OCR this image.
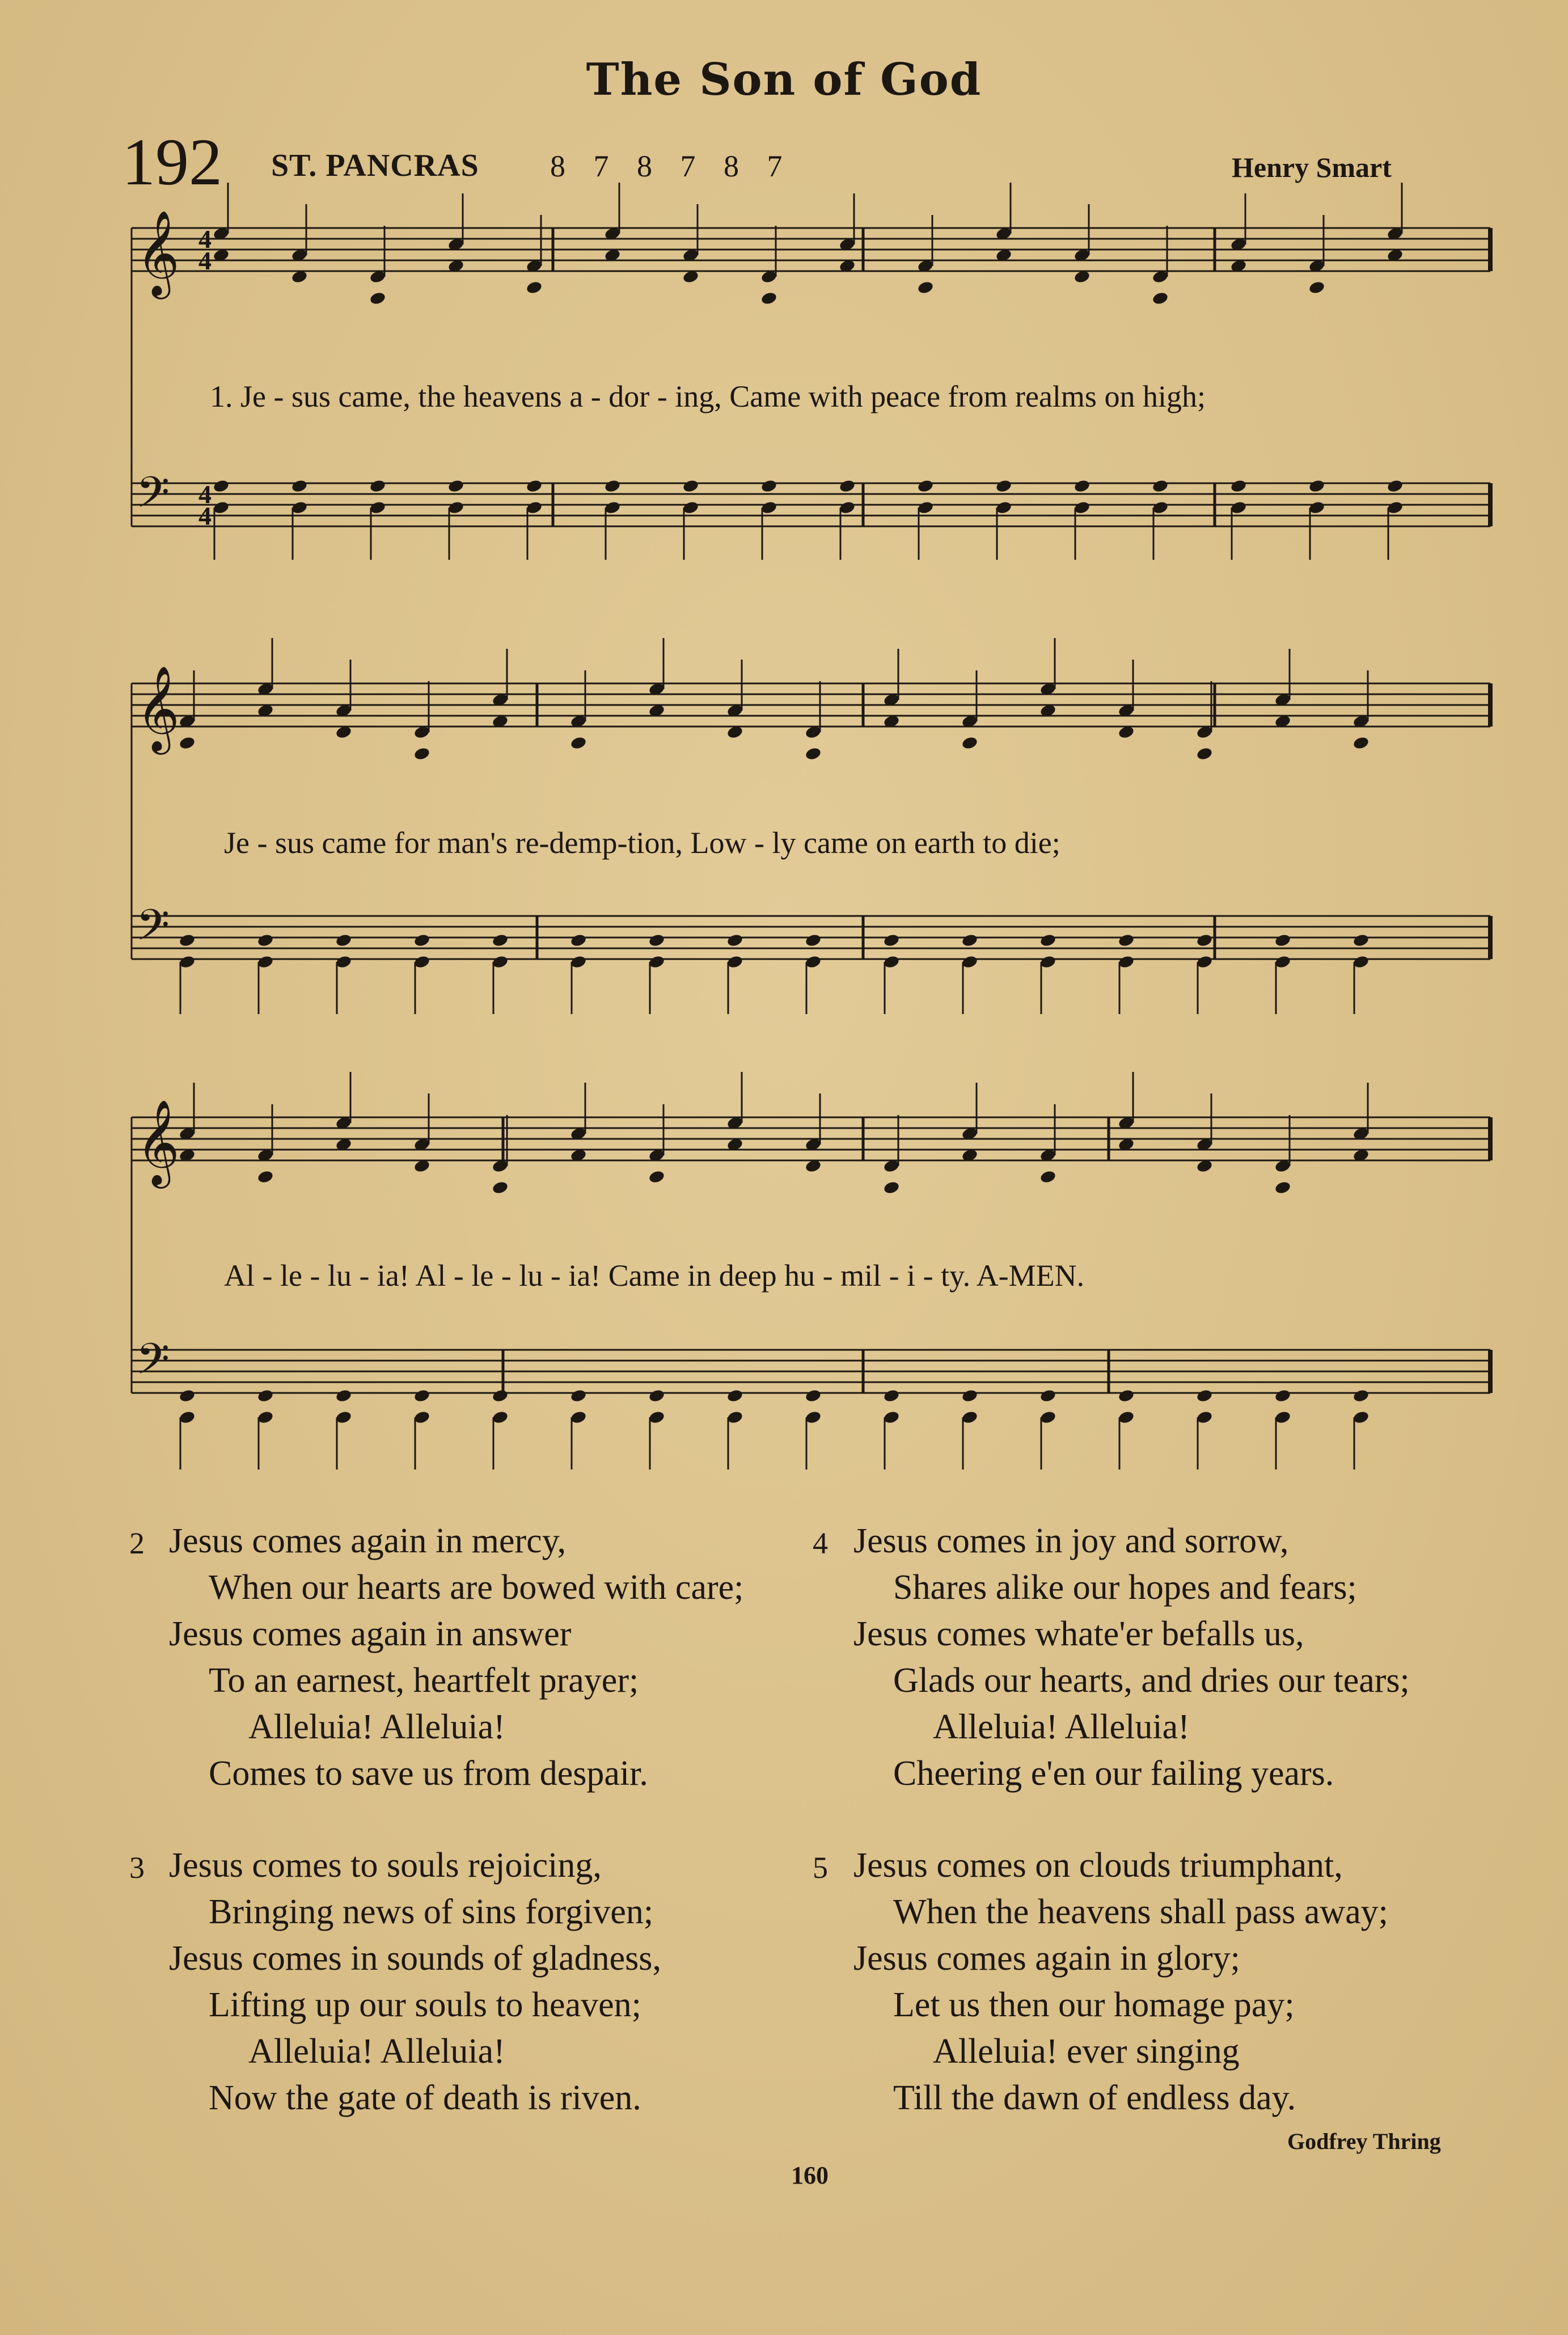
The Son of God
192 ST. PANCRAS 8 7 8 7 8 7	Henry Smart
𝄞 4
4
𝄢 4
4
𝄞
𝄢
𝄞
𝄢
1. Je - sus came, the heavens a - dor - ing, Came with peace from realms on high;
Je - sus came for man's re-demp-tion, Low - ly came on earth to die;
Al - le - lu - ia! Al - le - lu - ia! Came in deep hu - mil - i - ty. A-MEN.
2 Jesus comes again in mercy,
When our hearts are bowed with care;
Jesus comes again in answer
To an earnest, heartfelt prayer;
Alleluia! Alleluia!
Comes to save us from despair.
3 Jesus comes to souls rejoicing,
Bringing news of sins forgiven;
Jesus comes in sounds of gladness,
Lifting up our souls to heaven;
Alleluia! Alleluia!
Now the gate of death is riven.
4 Jesus comes in joy and sorrow,
Shares alike our hopes and fears;
Jesus comes whate'er befalls us,
Glads our hearts, and dries our tears;
Alleluia! Alleluia!
Cheering e'en our failing years.
5 Jesus comes on clouds triumphant,
When the heavens shall pass away;
Jesus comes again in glory;
Let us then our homage pay;
Alleluia! ever singing
Till the dawn of endless day.
Godfrey Thring
160
